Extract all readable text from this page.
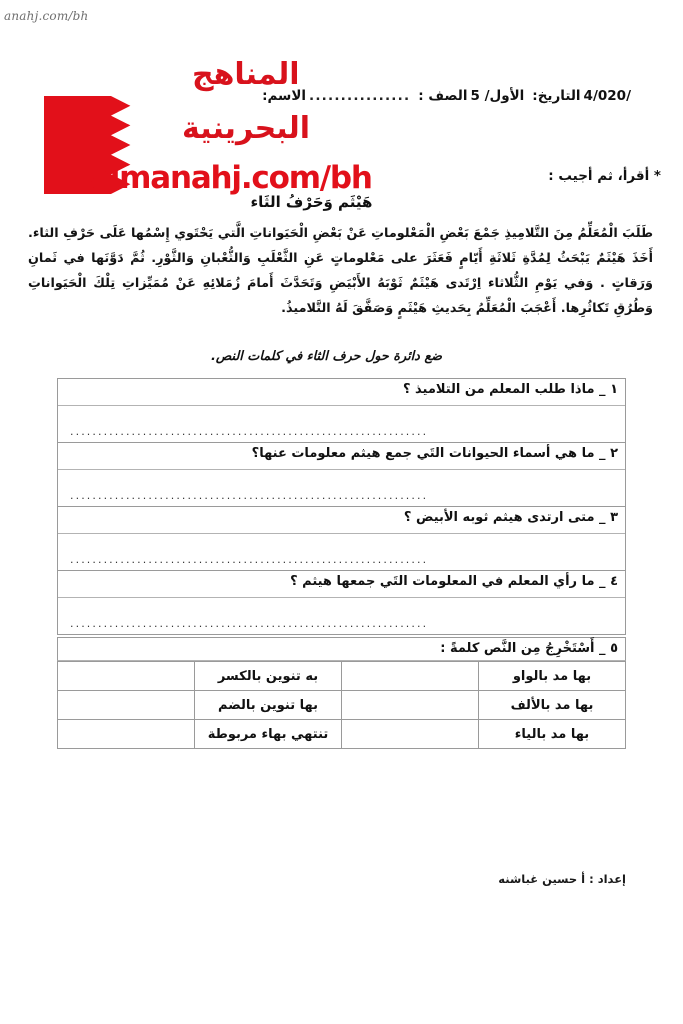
anahj.com/bh
/4/020
التاريخ:
الأول/ 5
الصف :
................
الاسم:
المناهج
البحرينية
almanahj.com/bh	* أقرأ، ثم أجيب :
هَيْثَم وَحَرْفُ الثَاء

طَلَبَ الْمُعَلِّمُ مِنَ التَّلامِيذِ جَمْعَ بَعْضِ الْمَعْلوماتِ عَنْ بَعْضِ الْحَيَواناتِ الَّتي يَحْتَوي إِسْمُها عَلَى حَرْفِ الثاء. أَخَذَ هَيْثَمٌ يَبْحَثُ لِمُدَّةِ ثَلاثَةِ أَيّامٍ فَعَثَرَ على مَعْلوماتٍ عَنِ الثَّعْلَبِ وَالثُّعْبانِ وَالثَّوْرِ. ثُمَّ دَوَّنَها في ثَمانِ وَرَقاتٍ . وَفي يَوْمِ الثُّلاثاء اِرْتَدى هَيْثَمٌ ثَوْبَهُ الأَبْيَضِ وَتَحَدَّثَ أَمامَ زُمَلائِهِ عَنْ مُمَيِّزاتِ تِلْكَ الْحَيَواناتِ وَطُرُقِ تَكاثُرِها. أَعْجَبَ الْمُعَلِّمُ بِحَديثِ هَيْثَمٍ وَصَفَّقَ لَهُ التَّلاميذُ.

ضع دائرة حول حرف الثاء في كلمات النص.
١ _ ماذا طلب المعلم من التلاميذ ؟
................................................................
٢ _ ما هي أسماء الحيوانات التَي جمع هيثم معلومات عنها؟
................................................................
٣ _ متى ارتدى هيثم ثوبه الأبيض ؟
................................................................
٤ _ ما رأي المعلم في المعلومات التَي جمعها هيثم ؟
................................................................
٥ _ أَسْتَخْرِجُ مِن النَّص كلمةً :
بها مد بالواو		به تنوين بالكسر	
بها مد بالألف		بها تنوين بالضم	
بها مد بالياء		تنتهي بهاء مربوطة	
إعداد : أ حسين غباشنه
